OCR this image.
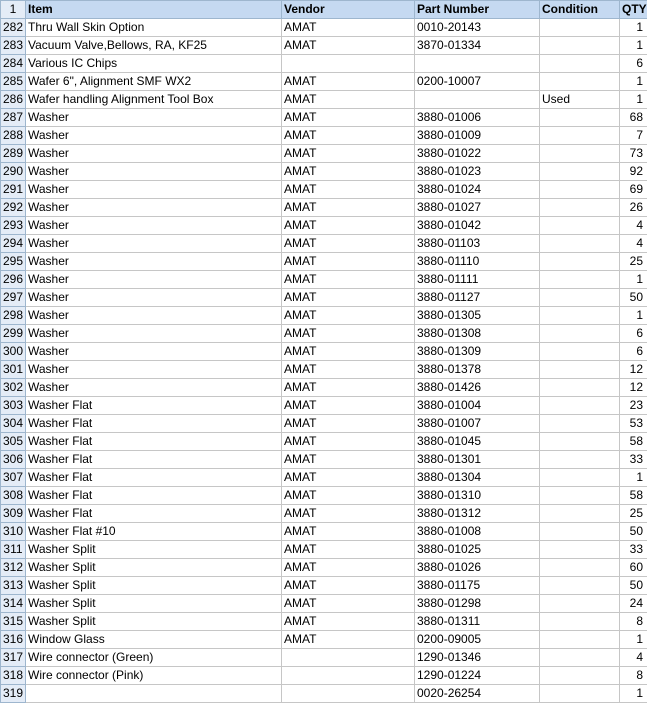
1	Item	Vendor	Part Number	Condition	QTY
282	Thru Wall Skin Option	AMAT	0010-20143		1
283	Vacuum Valve,Bellows, RA, KF25	AMAT	3870-01334		1
284	Various IC Chips				6
285	Wafer 6", Alignment SMF WX2	AMAT	0200-10007		1
286	Wafer handling Alignment Tool Box	AMAT		Used	1
287	Washer	AMAT	3880-01006		68
288	Washer	AMAT	3880-01009		7
289	Washer	AMAT	3880-01022		73
290	Washer	AMAT	3880-01023		92
291	Washer	AMAT	3880-01024		69
292	Washer	AMAT	3880-01027		26
293	Washer	AMAT	3880-01042		4
294	Washer	AMAT	3880-01103		4
295	Washer	AMAT	3880-01110		25
296	Washer	AMAT	3880-01111		1
297	Washer	AMAT	3880-01127		50
298	Washer	AMAT	3880-01305		1
299	Washer	AMAT	3880-01308		6
300	Washer	AMAT	3880-01309		6
301	Washer	AMAT	3880-01378		12
302	Washer	AMAT	3880-01426		12
303	Washer Flat	AMAT	3880-01004		23
304	Washer Flat	AMAT	3880-01007		53
305	Washer Flat	AMAT	3880-01045		58
306	Washer Flat	AMAT	3880-01301		33
307	Washer Flat	AMAT	3880-01304		1
308	Washer Flat	AMAT	3880-01310		58
309	Washer Flat	AMAT	3880-01312		25
310	Washer Flat #10	AMAT	3880-01008		50
311	Washer Split	AMAT	3880-01025		33
312	Washer Split	AMAT	3880-01026		60
313	Washer Split	AMAT	3880-01175		50
314	Washer Split	AMAT	3880-01298		24
315	Washer Split	AMAT	3880-01311		8
316	Window Glass	AMAT	0200-09005		1
317	Wire connector (Green)		1290-01346		4
318	Wire connector (Pink)		1290-01224		8
319			0020-26254		1
